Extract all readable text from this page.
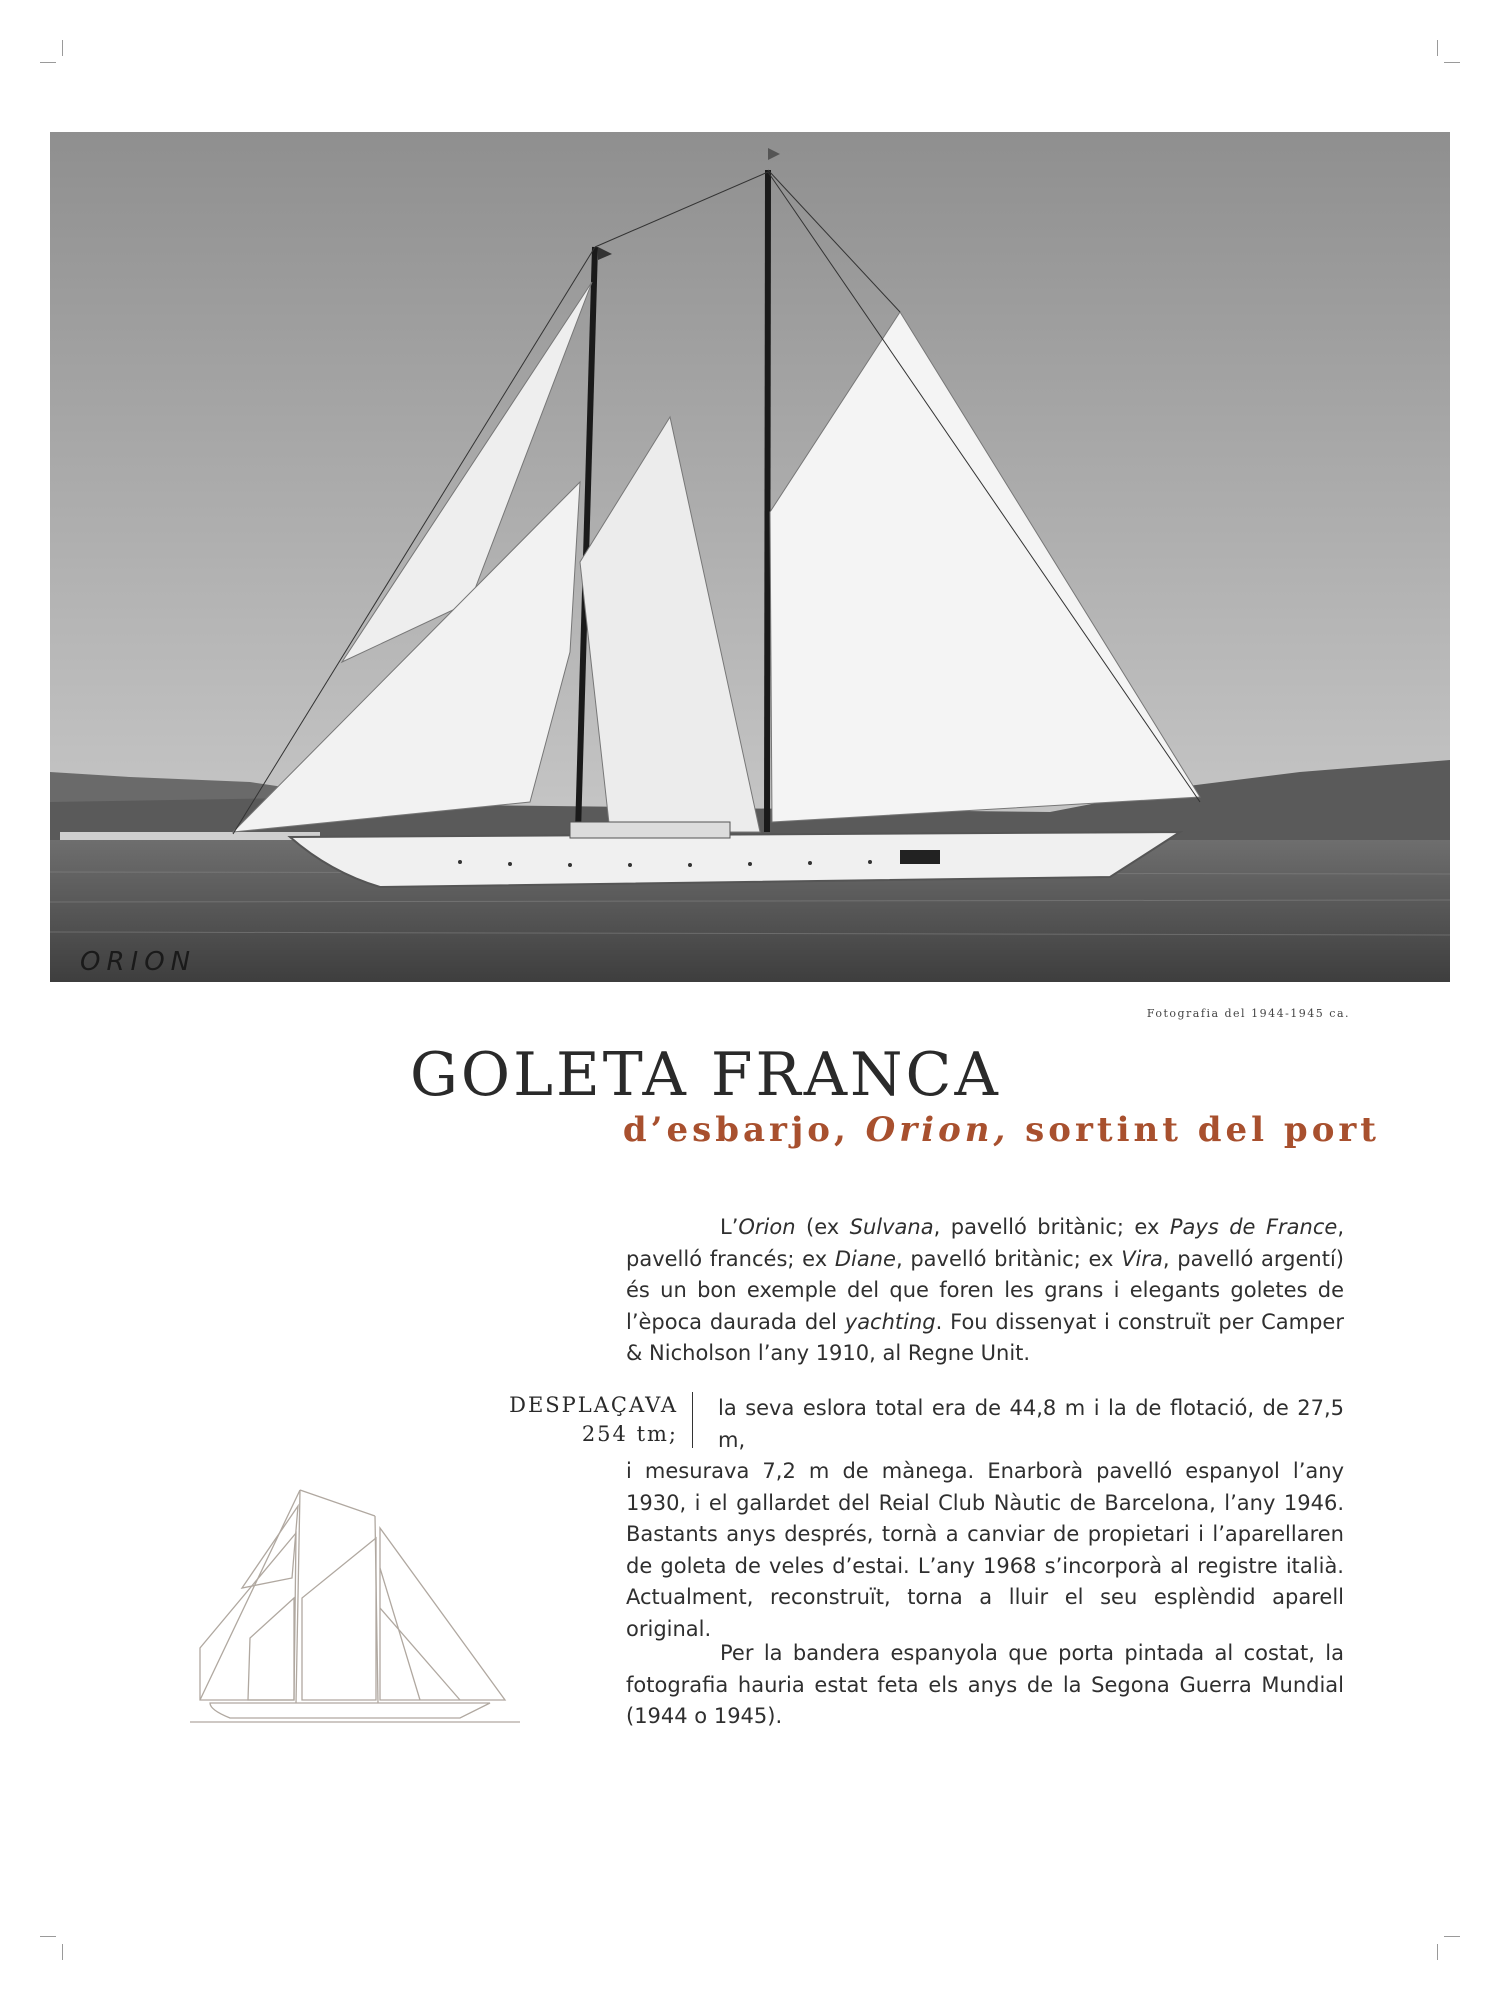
ORION
Fotografia del 1944-1945 ca.
GOLETA FRANCA
d’esbarjo, Orion, sortint del port
L’Orion (ex Sulvana, pavelló britànic; ex Pays de France, pavelló francés; ex Diane, pavelló britànic; ex Vira, pavelló argentí) és un bon exemple del que foren les grans i elegants goletes de l’època daurada del yachting. Fou dissenyat i construït per Camper & Nicholson l’any 1910, al Regne Unit.
DESPLAÇAVA
254 tm;
la seva eslora total era de 44,8 m i la de flotació, de 27,5 m,
i mesurava 7,2 m de mànega. Enarborà pavelló espanyol l’any 1930, i el gallardet del Reial Club Nàutic de Barcelona, l’any 1946. Bastants anys després, tornà a canviar de propietari i l’aparellaren de goleta de veles d’estai. L’any 1968 s’incorporà al registre italià. Actualment, reconstruït, torna a lluir el seu esplèndid aparell original.
Per la bandera espanyola que porta pintada al costat, la fotografia hauria estat feta els anys de la Segona Guerra Mundial (1944 o 1945).
